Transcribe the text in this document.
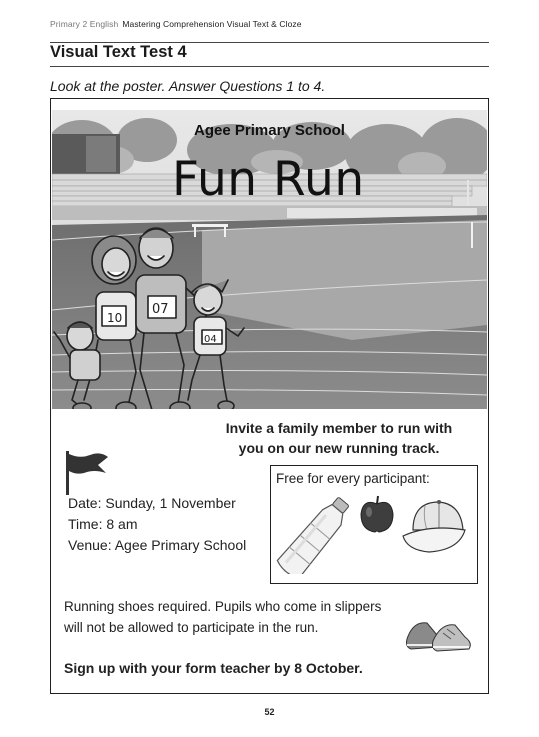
Primary 2 English Mastering Comprehension Visual Text & Cloze
Visual Text Test 4
Look at the poster. Answer Questions 1 to 4.
10
07
04
Agee Primary School
Fun Run
Invite a family member to run with
you on our new running track.
Date: Sunday, 1 November
Time: 8 am
Venue: Agee Primary School
Free for every participant:
Running shoes required. Pupils who come in slippers
will not be allowed to participate in the run.
Sign up with your form teacher by 8 October.
52
